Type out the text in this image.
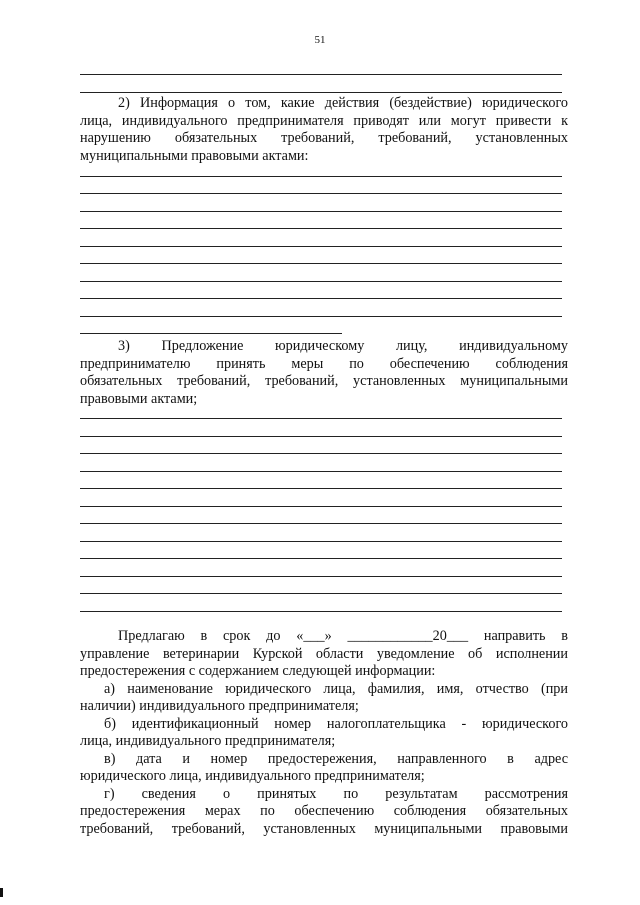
51
2) Информация о том, какие действия (бездействие) юридического
лица, индивидуального предпринимателя приводят или могут привести к
нарушению обязательных требований, требований, установленных
муниципальными правовыми актами:
3) Предложение юридическому лицу, индивидуальному
предпринимателю принять меры по обеспечению соблюдения
обязательных требований, требований, установленных муниципальными
правовыми актами;
Предлагаю в срок до «___» ____________20___ направить в
управление ветеринарии Курской области уведомление об исполнении
предостережения с содержанием следующей информации:
а) наименование юридического лица, фамилия, имя, отчество (при
наличии) индивидуального предпринимателя;
б) идентификационный номер налогоплательщика - юридического
лица, индивидуального предпринимателя;
в) дата и номер предостережения, направленного в адрес
юридического лица, индивидуального предпринимателя;
г) сведения о принятых по результатам рассмотрения
предостережения мерах по обеспечению соблюдения обязательных
требований, требований, установленных муниципальными правовыми
